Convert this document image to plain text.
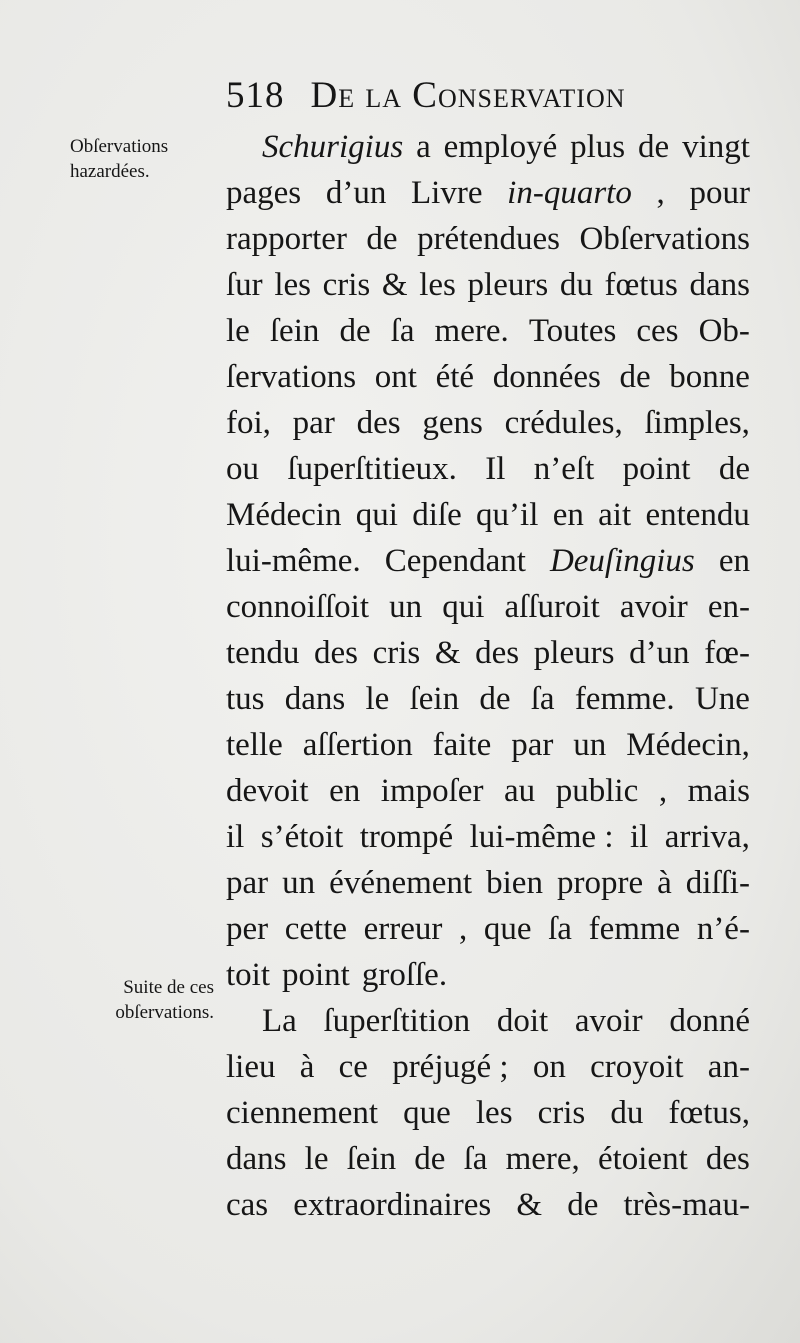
518 De la Conservation
Obſervations
hazardées.
Suite de ces
obſervations.
Schurigius a employé plus de vingt
pages d’un Livre in-quarto , pour
rapporter de prétendues Obſervations
ſur les cris & les pleurs du fœtus dans
le ſein de ſa mere. Toutes ces Ob-
ſervations ont été données de bonne
foi, par des gens crédules, ſimples,
ou ſuperſtitieux. Il n’eſt point de
Médecin qui diſe qu’il en ait entendu
lui-même. Cependant Deuſingius en
connoiſſoit un qui aſſuroit avoir en-
tendu des cris & des pleurs d’un fœ-
tus dans le ſein de ſa femme. Une
telle aſſertion faite par un Médecin,
devoit en impoſer au public , mais
il s’étoit trompé lui-même : il arriva,
par un événement bien propre à diſſi-
per cette erreur , que ſa femme n’é-
toit point groſſe.
La ſuperſtition doit avoir donné
lieu à ce préjugé ; on croyoit an-
ciennement que les cris du fœtus,
dans le ſein de ſa mere, étoient des
cas extraordinaires & de très-mau-
